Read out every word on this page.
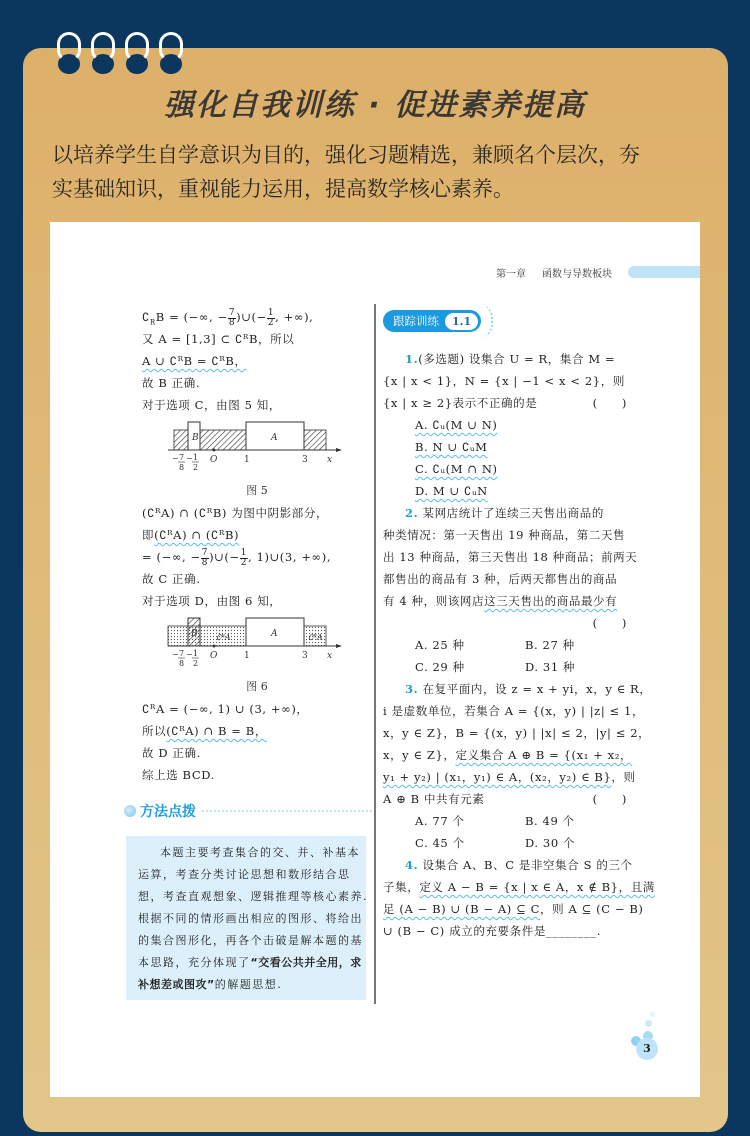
强化自我训练 · 促进素养提高
以培养学生自学意识为目的，强化习题精选，兼顾名个层次，夯
实基础知识，重视能力运用，提高数学核心素养。
第一章 函数与导数板块
$∁_RB$ = (−∞, − $\frac{7}{8}$ )∪(− $\frac{1}{2}$ , +∞),
又 A = [1,3] ⊂ ∁ᴿB，所以
A ∪ ∁ᴿB = ∁ᴿB，
故 B 正确.
对于选项 C，由图 5 知，
B	A
O	1	3 x
− 7
8
− 1
2
图 5
(∁ᴿA) ∩ (∁ᴿB) 为图中阴影部分，
即(∁ᴿA) ∩ (∁ᴿB)
= (−∞, − $\frac{7}{8}$ )∪(− $\frac{1}{2}$ , 1)∪(3, +∞),
故 C 正确.
对于选项 D，由图 6 知，
B	A
∁ᴿA	∁ᴿA
O	1	3 x
− 7
8
− 1
2
图 6
∁ᴿA = (−∞, 1) ∪ (3, +∞)，
所以(∁ᴿA) ∩ B = B，
故 D 正确.
综上选 BCD.
方法点拨
本题主要考查集合的交、并、补基本
运算，考查分类讨论思想和数形结合思
想，考查直观想象、逻辑推理等核心素养.
根据不同的情形画出相应的图形、将给出
的集合图形化，再各个击破是解本题的基
本思路，充分体现了“交看公共并全用，求
补想差或图攻”的解题思想.
跟踪训练	1.1
1.(多选题) 设集合 U = R，集合 M =
{x | x < 1}，N = {x | −1 < x < 2}，则
{x | x ≥ 2}表示不正确的是	(　　)
A. ∁ᵤ(M ∪ N)
B. N ∪ ∁ᵤM
C. ∁ᵤ(M ∩ N)
D. M ∪ ∁ᵤN
2. 某网店统计了连续三天售出商品的
种类情况：第一天售出 19 种商品，第二天售
出 13 种商品，第三天售出 18 种商品；前两天
都售出的商品有 3 种，后两天都售出的商品
有 4 种，则该网店这三天售出的商品最少有
(　　)
A. 25 种	B. 27 种
C. 29 种	D. 31 种
3. 在复平面内，设 z = x + yi，x，y ∈ R，
i 是虚数单位，若集合 A = {(x，y) | |z| ≤ 1，
x，y ∈ Z}，B = {(x，y) | |x| ≤ 2，|y| ≤ 2，
x，y ∈ Z}，定义集合 A ⊕ B = {(x₁ + x₂，
y₁ + y₂) | (x₁，y₁) ∈ A，(x₂，y₂) ∈ B}，则
A ⊕ B 中共有元素	(　　)
A. 77 个	B. 49 个
C. 45 个	D. 30 个
4. 设集合 A、B、C 是非空集合 S 的三个
子集，定义 A − B = {x | x ∈ A，x ∉ B}，且满
足 (A − B) ∪ (B − A) ⊆ C，则 A ⊆ (C − B)
∪ (B − C) 成立的充要条件是________.
3
